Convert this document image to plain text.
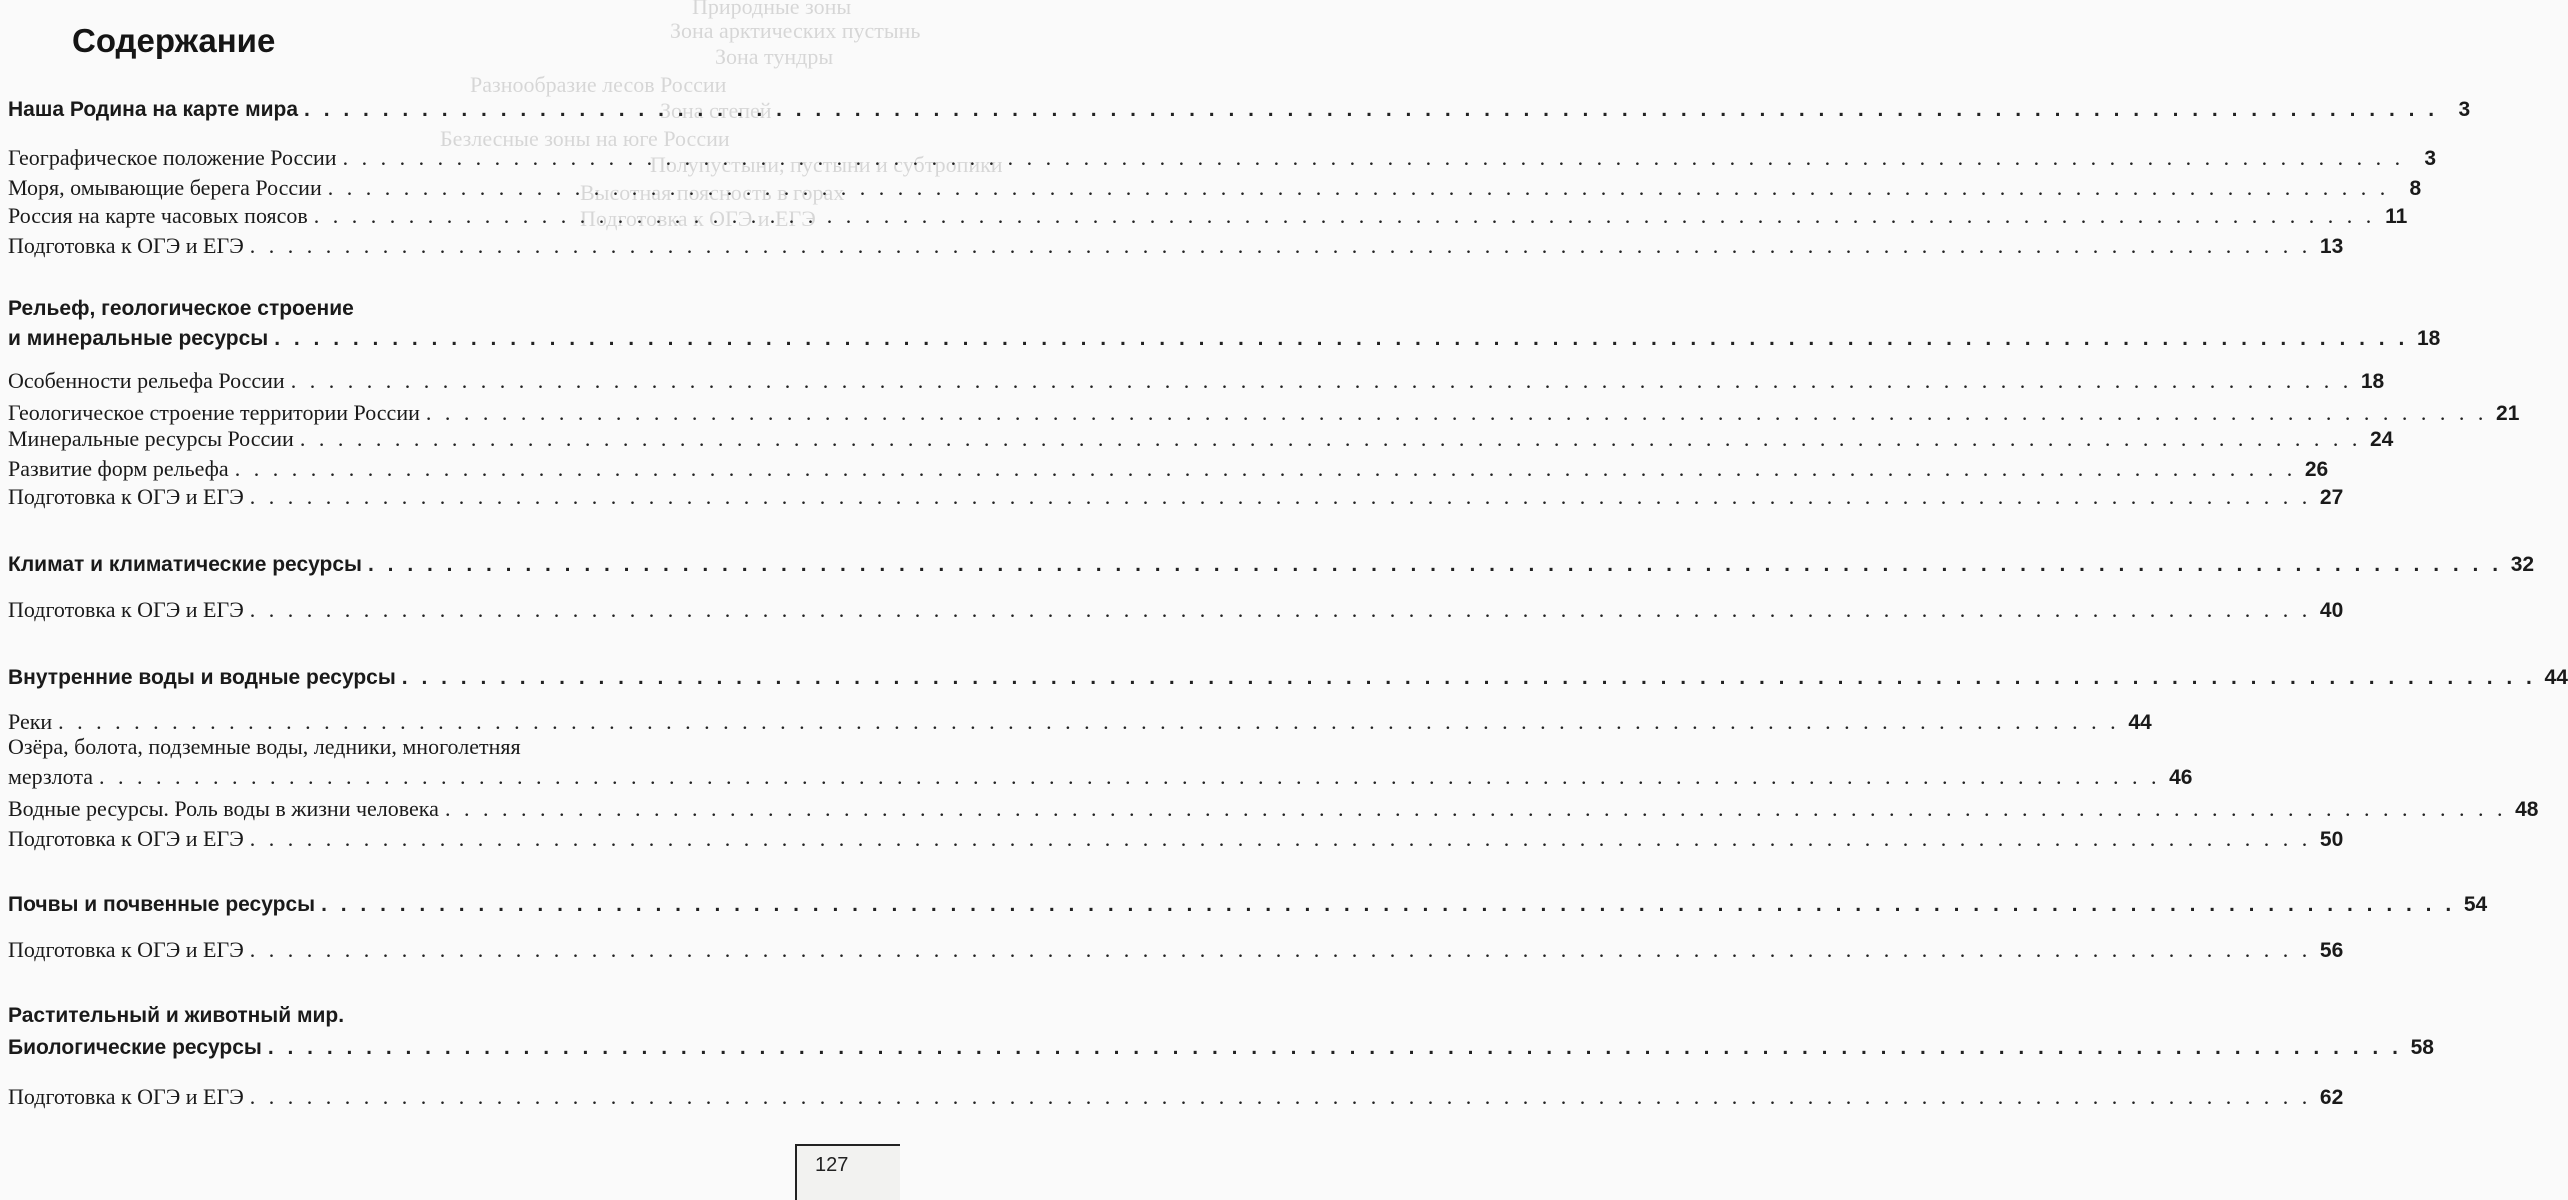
Природные зоны
Зона арктических пустынь
Зона тундры
Разнообразие лесов России
Зона степей
Безлесные зоны на юге России
Полупустыни, пустыни и субтропики
Высотная поясность в горах
Подготовка к ОГЭ и ЕГЭ
Содержание
Наша Родина на карте мира . . .	3
Географическое положение России . . .	3
Моря, омывающие берега России . . .	8
Россия на карте часовых поясов . . .	11
Подготовка к ОГЭ и ЕГЭ . . .	13
Рельеф, геологическое строение
и минеральные ресурсы . . .	18
Особенности рельефа России . . .	18
Геологическое строение территории России . . .	21
Минеральные ресурсы России . . .	24
Развитие форм рельефа . . .	26
Подготовка к ОГЭ и ЕГЭ . . .	27
Климат и климатические ресурсы . . .	32
Подготовка к ОГЭ и ЕГЭ . . .	40
Внутренние воды и водные ресурсы . . .	44
Реки . . .	44
Озёра, болота, подземные воды, ледники, многолетняя
мерзлота . . .	46
Водные ресурсы. Роль воды в жизни человека . . .	48
Подготовка к ОГЭ и ЕГЭ . . .	50
Почвы и почвенные ресурсы . . .	54
Подготовка к ОГЭ и ЕГЭ . . .	56
Растительный и животный мир.
Биологические ресурсы . . .	58
Подготовка к ОГЭ и ЕГЭ . . .	62
127
